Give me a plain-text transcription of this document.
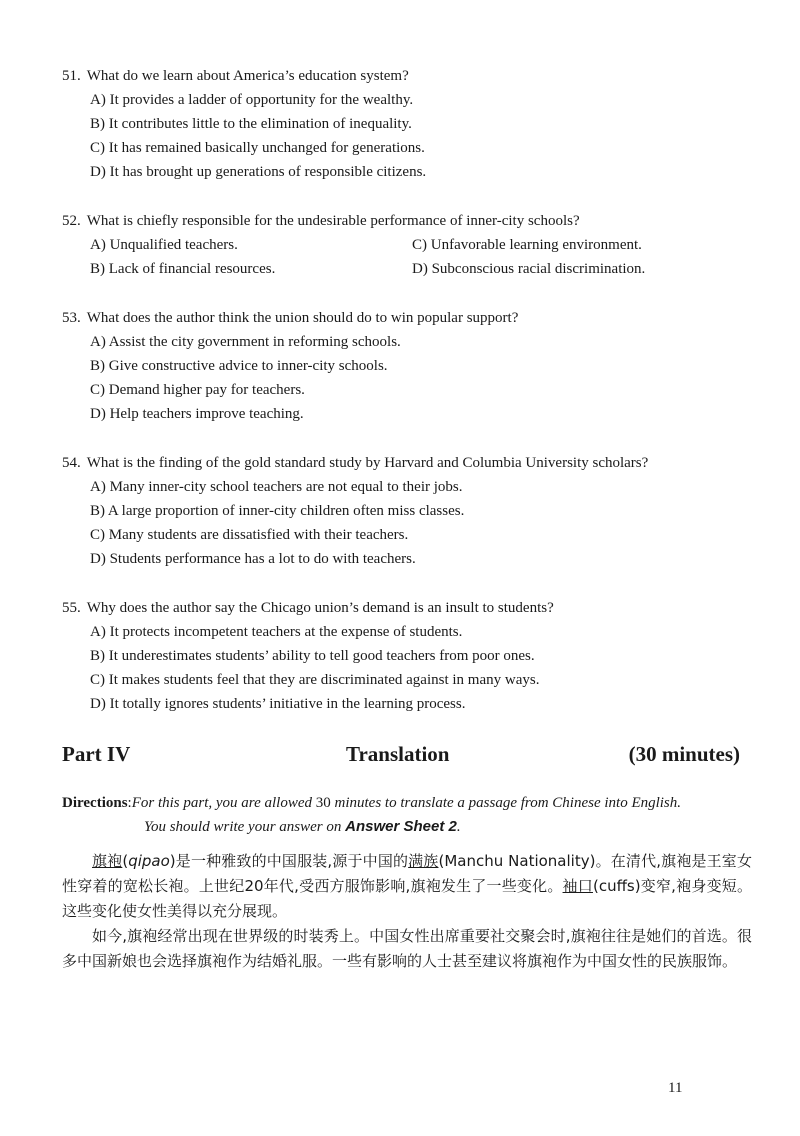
51. What do we learn about America’s education system?
A) It provides a ladder of opportunity for the wealthy.
B) It contributes little to the elimination of inequality.
C) It has remained basically unchanged for generations.
D) It has brought up generations of responsible citizens.
52. What is chiefly responsible for the undesirable performance of inner-city schools?
A) Unqualified teachers.	C) Unfavorable learning environment.
B) Lack of financial resources.	D) Subconscious racial discrimination.
53. What does the author think the union should do to win popular support?
A) Assist the city government in reforming schools.
B) Give constructive advice to inner-city schools.
C) Demand higher pay for teachers.
D) Help teachers improve teaching.
54. What is the finding of the gold standard study by Harvard and Columbia University scholars?
A) Many inner-city school teachers are not equal to their jobs.
B) A large proportion of inner-city children often miss classes.
C) Many students are dissatisfied with their teachers.
D) Students performance has a lot to do with teachers.
55. Why does the author say the Chicago union’s demand is an insult to students?
A) It protects incompetent teachers at the expense of students.
B) It underestimates students’ ability to tell good teachers from poor ones.
C) It makes students feel that they are discriminated against in many ways.
D) It totally ignores students’ initiative in the learning process.
Part IV	Translation	(30 minutes)
Directions:For this part, you are allowed 30 minutes to translate a passage from Chinese into English.
You should write your answer on Answer Sheet 2.

旗袍(qipao)是一种雅致的中国服装,源于中国的满族(Manchu Nationality)。在清代,旗袍是王室女性穿着的宽松长袍。上世纪20年代,受西方服饰影响,旗袍发生了一些变化。袖口(cuffs)变窄,袍身变短。这些变化使女性美得以充分展现。

如今,旗袍经常出现在世界级的时装秀上。中国女性出席重要社交聚会时,旗袍往往是她们的首选。很多中国新娘也会选择旗袍作为结婚礼服。一些有影响的人士甚至建议将旗袍作为中国女性的民族服饰。

11
